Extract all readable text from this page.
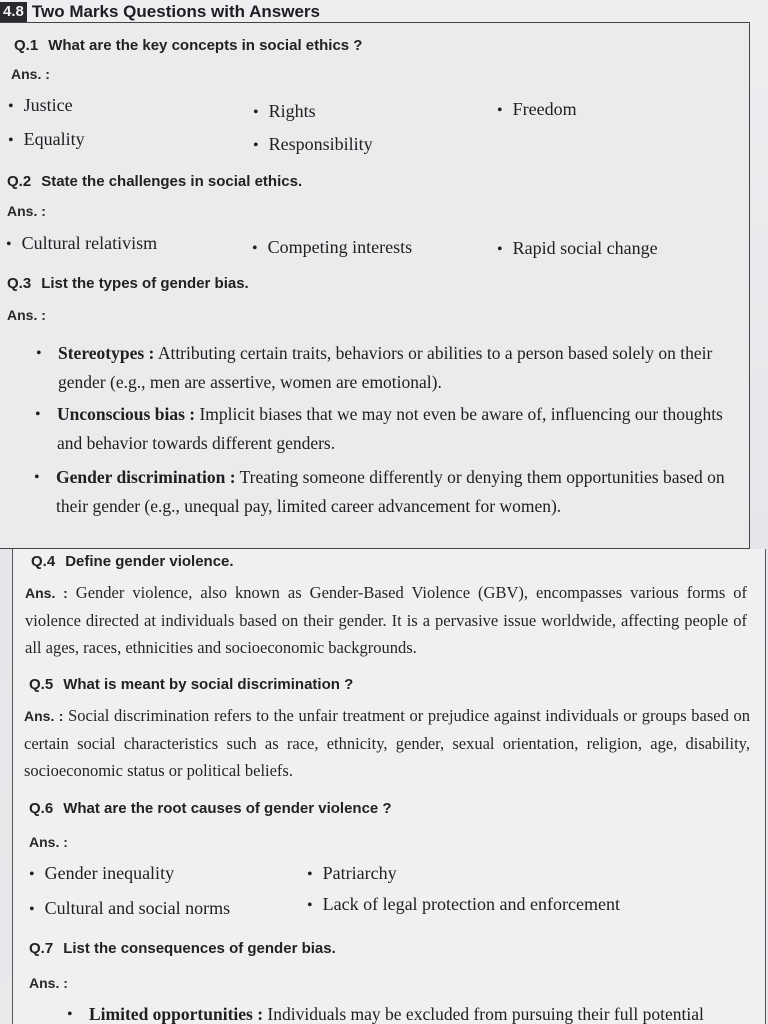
4.8 Two Marks Questions with Answers
Q.1 What are the key concepts in social ethics ?
Ans. :
• Justice	• Rights	• Freedom
• Equality	• Responsibility
Q.2 State the challenges in social ethics.
Ans. :
• Cultural relativism	• Competing interests	• Rapid social change
Q.3 List the types of gender bias.
Ans. :
• Stereotypes : Attributing certain traits, behaviors or abilities to a person based solely on their gender (e.g., men are assertive, women are emotional).
• Unconscious bias : Implicit biases that we may not even be aware of, influencing our thoughts and behavior towards different genders.
• Gender discrimination : Treating someone differently or denying them opportunities based on their gender (e.g., unequal pay, limited career advancement for women).
Q.4 Define gender violence.
Ans. : Gender violence, also known as Gender-Based Violence (GBV), encompasses various forms of violence directed at individuals based on their gender. It is a pervasive issue worldwide, affecting people of all ages, races, ethnicities and socioeconomic backgrounds.
Q.5 What is meant by social discrimination ?
Ans. : Social discrimination refers to the unfair treatment or prejudice against individuals or groups based on certain social characteristics such as race, ethnicity, gender, sexual orientation, religion, age, disability, socioeconomic status or political beliefs.
Q.6 What are the root causes of gender violence ?
Ans. :
• Gender inequality	• Patriarchy
• Cultural and social norms	• Lack of legal protection and enforcement
Q.7 List the consequences of gender bias.
Ans. :
• Limited opportunities : Individuals may be excluded from pursuing their full potential
